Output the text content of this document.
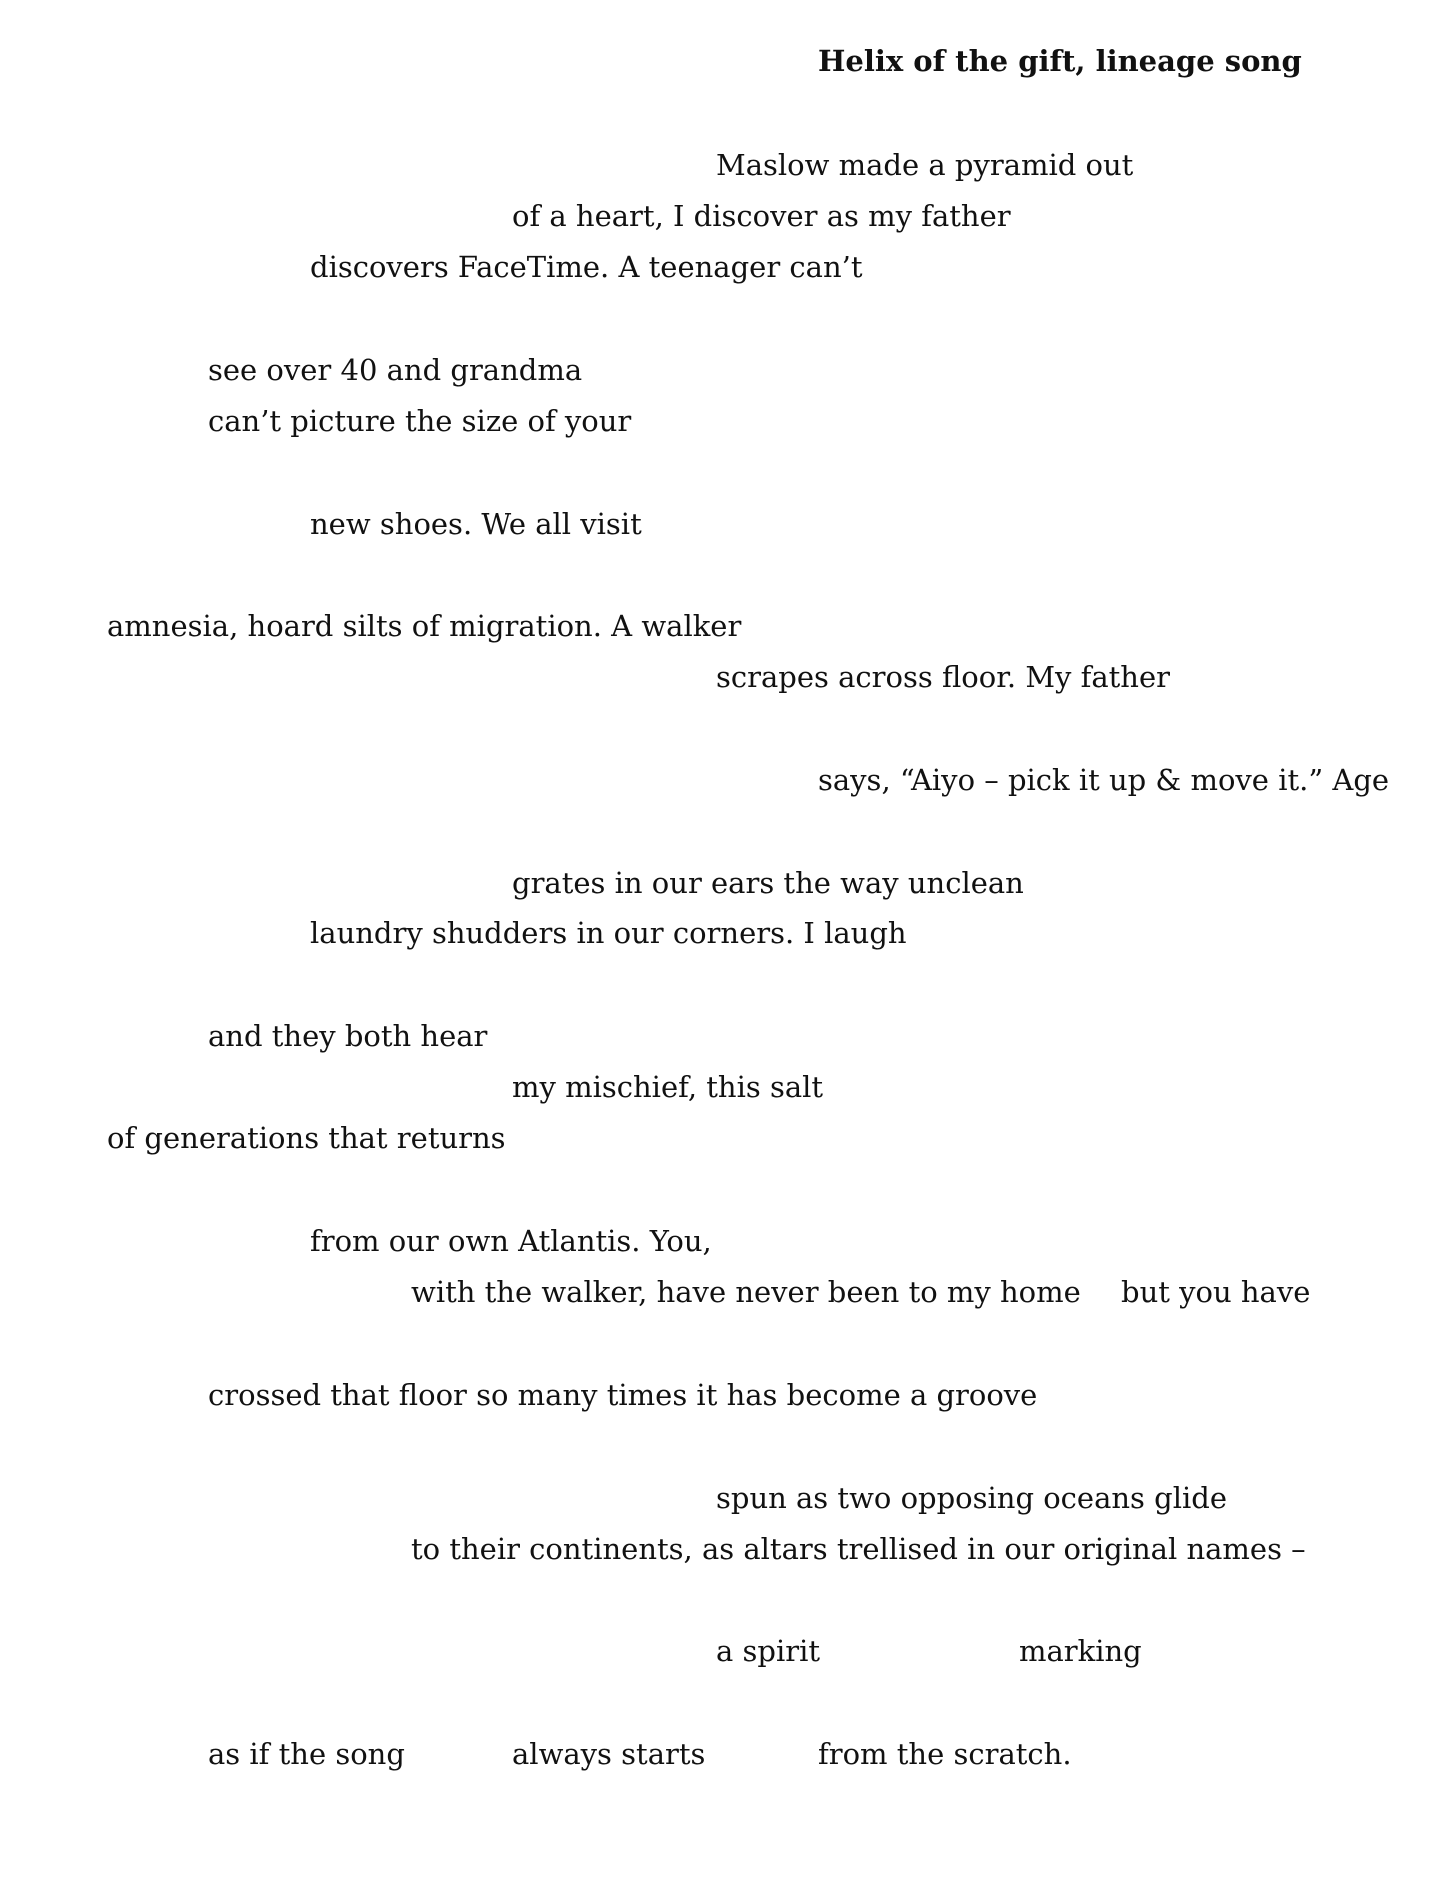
Helix of the gift, lineage song
Maslow made a pyramid out
of a heart, I discover as my father
discovers FaceTime. A teenager can’t
see over 40 and grandma
can’t picture the size of your
new shoes. We all visit
amnesia, hoard silts of migration. A walker
scrapes across floor. My father
says, “Aiyo – pick it up & move it.” Age
grates in our ears the way unclean
laundry shudders in our corners. I laugh
and they both hear
my mischief, this salt
of generations that returns
from our own Atlantis. You,
with the walker, have never been to my home but you have
crossed that floor so many times it has become a groove
spun as two opposing oceans glide
to their continents, as altars trellised in our original names –
a spirit	marking
as if the song	always starts	from the scratch.
